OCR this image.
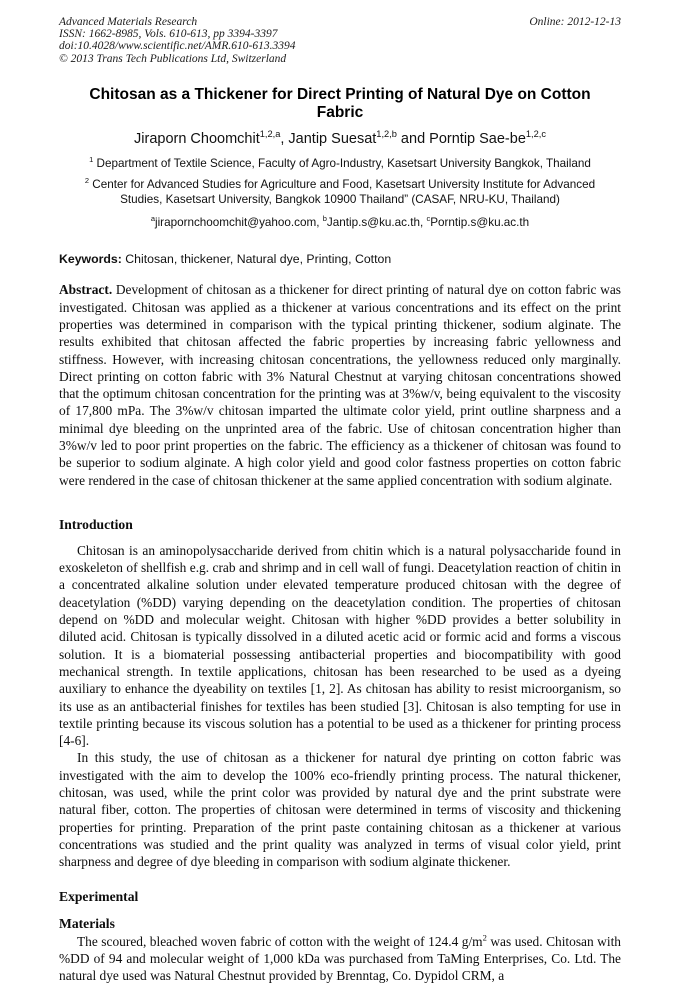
Advanced Materials Research
ISSN: 1662-8985, Vols. 610-613, pp 3394-3397
doi:10.4028/www.scientific.net/AMR.610-613.3394
© 2013 Trans Tech Publications Ltd, Switzerland
Online: 2012-12-13
Chitosan as a Thickener for Direct Printing of Natural Dye on Cotton
Fabric
Jiraporn Choomchit$^{1,2,a}$, Jantip Suesat$^{1,2,b}$ and Porntip Sae-be$^{1,2,c}$
$^1$ Department of Textile Science, Faculty of Agro-Industry, Kasetsart University Bangkok, Thailand
$^2$ Center for Advanced Studies for Agriculture and Food, Kasetsart University Institute for Advanced Studies, Kasetsart University, Bangkok 10900 Thailand” (CASAF, NRU-KU, Thailand)
$^a$jirapornchoomchit@yahoo.com, $^b$Jantip.s@ku.ac.th, $^c$Porntip.s@ku.ac.th
Keywords: Chitosan, thickener, Natural dye, Printing, Cotton

Abstract. Development of chitosan as a thickener for direct printing of natural dye on cotton fabric was investigated. Chitosan was applied as a thickener at various concentrations and its effect on the print properties was determined in comparison with the typical printing thickener, sodium alginate. The results exhibited that chitosan affected the fabric properties by increasing fabric yellowness and stiffness. However, with increasing chitosan concentrations, the yellowness reduced only marginally. Direct printing on cotton fabric with 3% Natural Chestnut at varying chitosan concentrations showed that the optimum chitosan concentration for the printing was at 3%w/v, being equivalent to the viscosity of 17,800 mPa. The 3%w/v chitosan imparted the ultimate color yield, print outline sharpness and a minimal dye bleeding on the unprinted area of the fabric. Use of chitosan concentration higher than 3%w/v led to poor print properties on the fabric. The efficiency as a thickener of chitosan was found to be superior to sodium alginate. A high color yield and good color fastness properties on cotton fabric were rendered in the case of chitosan thickener at the same applied concentration with sodium alginate.

Introduction

Chitosan is an aminopolysaccharide derived from chitin which is a natural polysaccharide found in exoskeleton of shellfish e.g. crab and shrimp and in cell wall of fungi. Deacetylation reaction of chitin in a concentrated alkaline solution under elevated temperature produced chitosan with the degree of deacetylation (%DD) varying depending on the deacetylation condition. The properties of chitosan depend on %DD and molecular weight. Chitosan with higher %DD provides a better solubility in diluted acid. Chitosan is typically dissolved in a diluted acetic acid or formic acid and forms a viscous solution. It is a biomaterial possessing antibacterial properties and biocompatibility with good mechanical strength. In textile applications, chitosan has been researched to be used as a dyeing auxiliary to enhance the dyeability on textiles [1, 2]. As chitosan has ability to resist microorganism, so its use as an antibacterial finishes for textiles has been studied [3]. Chitosan is also tempting for use in textile printing because its viscous solution has a potential to be used as a thickener for printing process [4-6].

In this study, the use of chitosan as a thickener for natural dye printing on cotton fabric was investigated with the aim to develop the 100% eco-friendly printing process. The natural thickener, chitosan, was used, while the print color was provided by natural dye and the print substrate were natural fiber, cotton. The properties of chitosan were determined in terms of viscosity and thickening properties for printing. Preparation of the print paste containing chitosan as a thickener at various concentrations was studied and the print quality was analyzed in terms of visual color yield, print sharpness and degree of dye bleeding in comparison with sodium alginate thickener.

Experimental

Materials

The scoured, bleached woven fabric of cotton with the weight of 124.4 $g/m^2$ was used. Chitosan with %DD of 94 and molecular weight of 1,000 kDa was purchased from TaMing Enterprises, Co. Ltd. The natural dye used was Natural Chestnut provided by Brenntag, Co. Dypidol CRM, a
